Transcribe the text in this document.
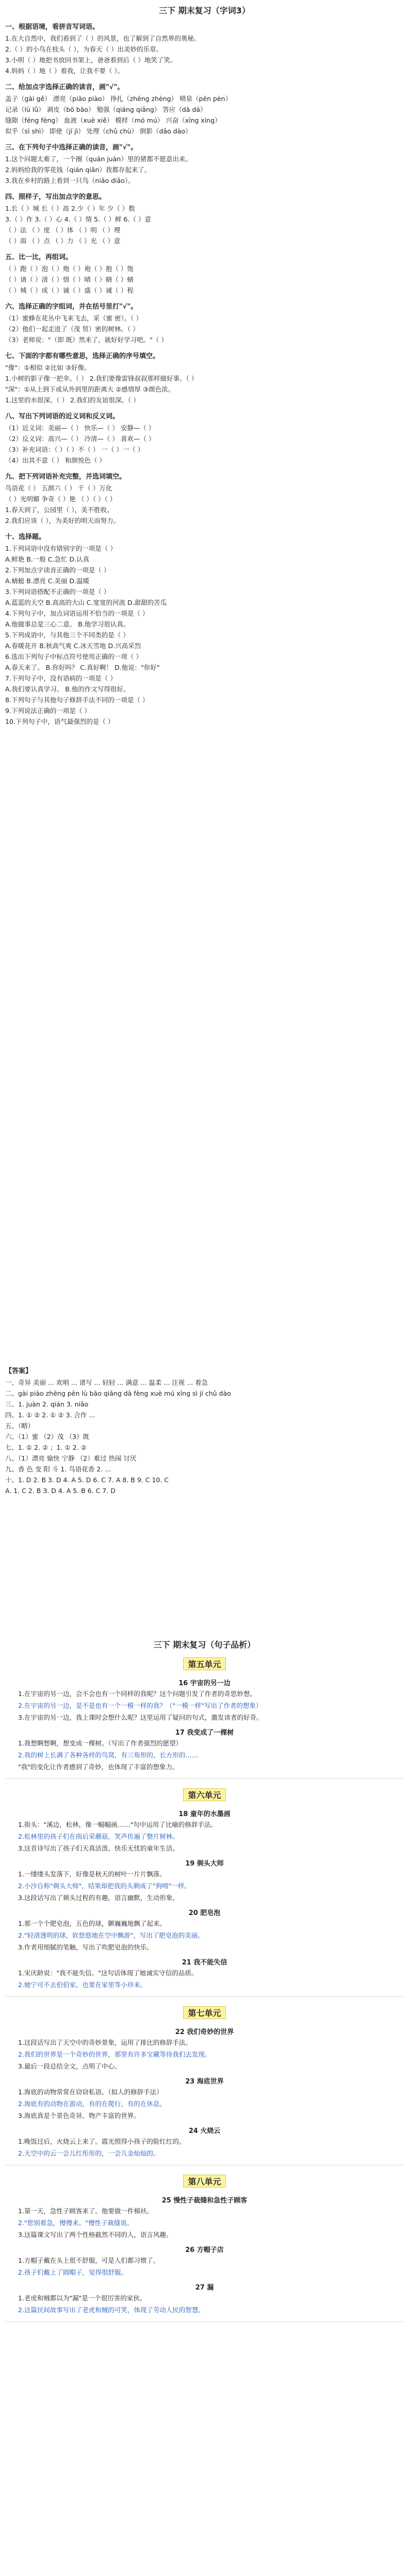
三下 期末复习（字词3）
一、根据语境，看拼音写词语。
1.在大自然中，我们看到了（ ）的风景，也了解到了自然界的奥秘。
2.（ ）的小鸟在枝头（ ），为春天（ ）出美妙的乐章。
3.小明（ ）地把书放回书架上，爸爸看到后（ ）地笑了笑。
4.妈妈（ ）地（ ）着我，让我不要（ ）。
二、给加点字选择正确的读音，画"√"。
盖子（gài gě） 漂亮（piāo piào） 挣扎（zhēng zhèng） 喷泉（pēn pèn）
记录（lù lǜ） 剥皮（bō bāo） 勉强（qiáng qiǎng） 答应（dā dá）
缝隙（féng fèng） 血液（xuè xiě） 模样（mó mú） 兴奋（xīng xìng）
似乎（sì shì） 即使（jí jì） 处理（chǔ chù） 倒影（dǎo dào）
三、在下列句子中选择正确的读音，画"√"。
1.这个问题太难了，一个圈（quān juàn）里的猪都不愿意出来。
2.妈妈给我的零花钱（qián qiǎn）我都存起来了。
3.我在乡村的路上看到一只鸟（niǎo diǎo）。
四、照样子，写出加点字的意思。
1.长（ ）城 长（ ）高 2.少（ ）年 少（ ）数
3.（ ）作 3.（ ）心 4.（ ）情 5.（ ）鲜 6.（ ）意
（ ）法 （ ）度 （ ）体 （ ）明 （ ）理
（ ）面 （ ）点 （ ）力 （ ）光 （ ）意
五、比一比，再组词。
（ ）跑（ ）泡（ ）炮（ ）袍（ ）抱（ ）饱
（ ）请（ ）清（ ）情（ ）晴（ ）睛（ ）蜻
（ ）城（ ）成（ ）诚（ ）盛（ ）诚（ ）程
六、选择正确的字组词，并在括号里打"√"。
（1）蜜蜂在花丛中飞来飞去，采（蜜 密）。（ ）
（2）他们一起走进了（茂 贸）密的树林。（ ）
（3）老师说："（即 既）然来了，就好好学习吧。"（ ）
七、下面的字都有哪些意思，选择正确的序号填空。
"像"：①相似 ②比如 ③好像。
1.小树的影子像一把伞。（ ） 2.我们要像雷锋叔叔那样做好事。（ ）
"深"：①从上到下或从外到里的距离大 ②感情厚 ③颜色浓。
1.这里的水很深。（ ） 2.我们的友谊很深。（ ）
八、写出下列词语的近义词和反义词。
（1）近义词：美丽—（ ） 快乐—（ ） 安静—（ ）
（2）反义词：高兴—（ ） 冷清—（ ） 喜欢—（ ）
（3）补充词语：（ ）（ ）不（ ） 一（ ）一（ ）
（4）出其不意（ ） 和颜悦色（ ）
九、把下列词语补充完整，并选词填空。
鸟语花（ ） 五颜六（ ） 千（ ）万化
（ ）光明媚 争奇（ ）艳 （ ）（ ）（ ）
1.春天到了，公园里（ ），美不胜收。
2.我们应该（ ），为美好的明天而努力。
十、选择题。
1.下列词语中没有错别字的一项是（ ）
A.鲜艳 B.一般 C.急忙 D.认真
2.下列加点字读音正确的一项是（ ）
A.蜻蜓 B.漂亮 C.美丽 D.温暖
3.下列词语搭配不正确的一项是（ ）
A.蓝蓝的天空 B.高高的大山 C.宽宽的河流 D.甜甜的苦瓜
4.下列句子中，加点词语运用不恰当的一项是（ ）
A.他做事总是三心二意。 B.他学习很认真。
5.下列成语中，与其他三个不同类的是（ ）
A.春暖花开 B.秋高气爽 C.冰天雪地 D.兴高采烈
6.选出下列句子中标点符号使用正确的一项（ ）
A.春天来了。 B.你好吗？ C.真好啊！ D.他说："你好"
7.下列句子中，没有语病的一项是（ ）
A.我们要认真学习。 B.他的作文写得很好。
8.下列句子与其他句子修辞手法不同的一项是（ ）
9.下列说法正确的一项是（ ）
10.下列句子中，语气最强烈的是（ ）
【答案】
一、奇异 美丽 ... 欢唱 ... 谱写 ... 轻轻 ... 满意 ... 温柔 ... 注视 ... 着急
二、gài piào zhēng pēn lù bāo qiǎng dā fèng xuè mú xīng sì jí chǔ dào
三、1. juàn 2. qián 3. niǎo
四、1. ① ② 2. ① ② 3. 合作 ...
五、（略）
六、（1）蜜 （2）茂 （3）既
七、1. ① 2. ② ；1. ① 2. ②
八、（1）漂亮 愉快 宁静 （2）难过 热闹 讨厌
九、香 色 变 阳 斗 1. 鸟语花香 2. ...
十、1. D 2. B 3. D 4. A 5. D 6. C 7. A 8. B 9. C 10. C
A. 1. C 2. B 3. D 4. A 5. B 6. C 7. D
三下 期末复习（句子品析）
第五单元
16 宇宙的另一边
1.在宇宙的另一边，会不会也有一个同样的我呢？这个问题引发了作者的奇思妙想。
2.在宇宙的另一边，是不是也有一个一模一样的我？（"一模一样"写出了作者的想象）
3.在宇宙的另一边，我上课时会想什么呢？这里运用了疑问的句式，激发读者的好奇。
17 我变成了一棵树
1.我想啊想啊，想变成一棵树。（写出了作者强烈的愿望）
2.我的树上长满了各种各样的鸟窝，有三角形的，长方形的……
"我"的变化让作者感到了奇妙，也体现了丰富的想象力。
第六单元
18 童年的水墨画
1.街头："溪边，松林，像一幅幅画……"句中运用了比喻的修辞手法。
2.松林里的孩子们在雨后采蘑菇，笑声传遍了整片树林。
3.这首诗写出了孩子们天真活泼、快乐无忧的童年生活。
19 剃头大师
1.一缕缕头发落下，好像是秋天的树叶一片片飘落。
2.小沙自称"剃头大师"，结果却把我的头剃成了"狗啃"一样。
3.这段话写出了剃头过程的有趣，语言幽默，生动形象。
20 肥皂泡
1.那一个个肥皂泡，五色的球，颤巍巍地飘了起来。
2."轻清透明的球，软悠悠地在空中飘游"，写出了肥皂泡的美丽。
3.作者用细腻的笔触，写出了吹肥皂泡的快乐。
21 我不能失信
1.宋庆龄说："我不能失信。"这句话体现了她诚实守信的品质。
2.她宁可不去伯伯家，也要在家里等小珍来。
第七单元
22 我们奇妙的世界
1.这段话写出了天空中的奇妙景象，运用了排比的修辞手法。
2.我们的世界是一个奇妙的世界，那里有许多宝藏等待我们去发现。
3.最后一段总结全文，点明了中心。
23 海底世界
1.海底的动物常常在窃窃私语。（拟人的修辞手法）
2.海底有的动物在游动，有的在爬行，有的在休息。
3.海底真是个景色奇异、物产丰富的世界。
24 火烧云
1.晚饭过后，火烧云上来了。霞光照得小孩子的脸红红的。
2.天空中的云一会儿红彤彤的，一会儿金灿灿的。
第八单元
25 慢性子裁缝和急性子顾客
1.第一天，急性子顾客来了。他要做一件棉袄。
2."您别着急，慢慢来。"慢性子裁缝说。
3.这篇课文写出了两个性格截然不同的人，语言风趣。
26 方帽子店
1.方帽子戴在头上很不舒服，可是人们都习惯了。
2.孩子们戴上了圆帽子，觉得很舒服。
27 漏
1.老虎和贼都以为"漏"是一个很厉害的家伙。
2.这篇民间故事写出了老虎和贼的可笑，体现了劳动人民的智慧。
